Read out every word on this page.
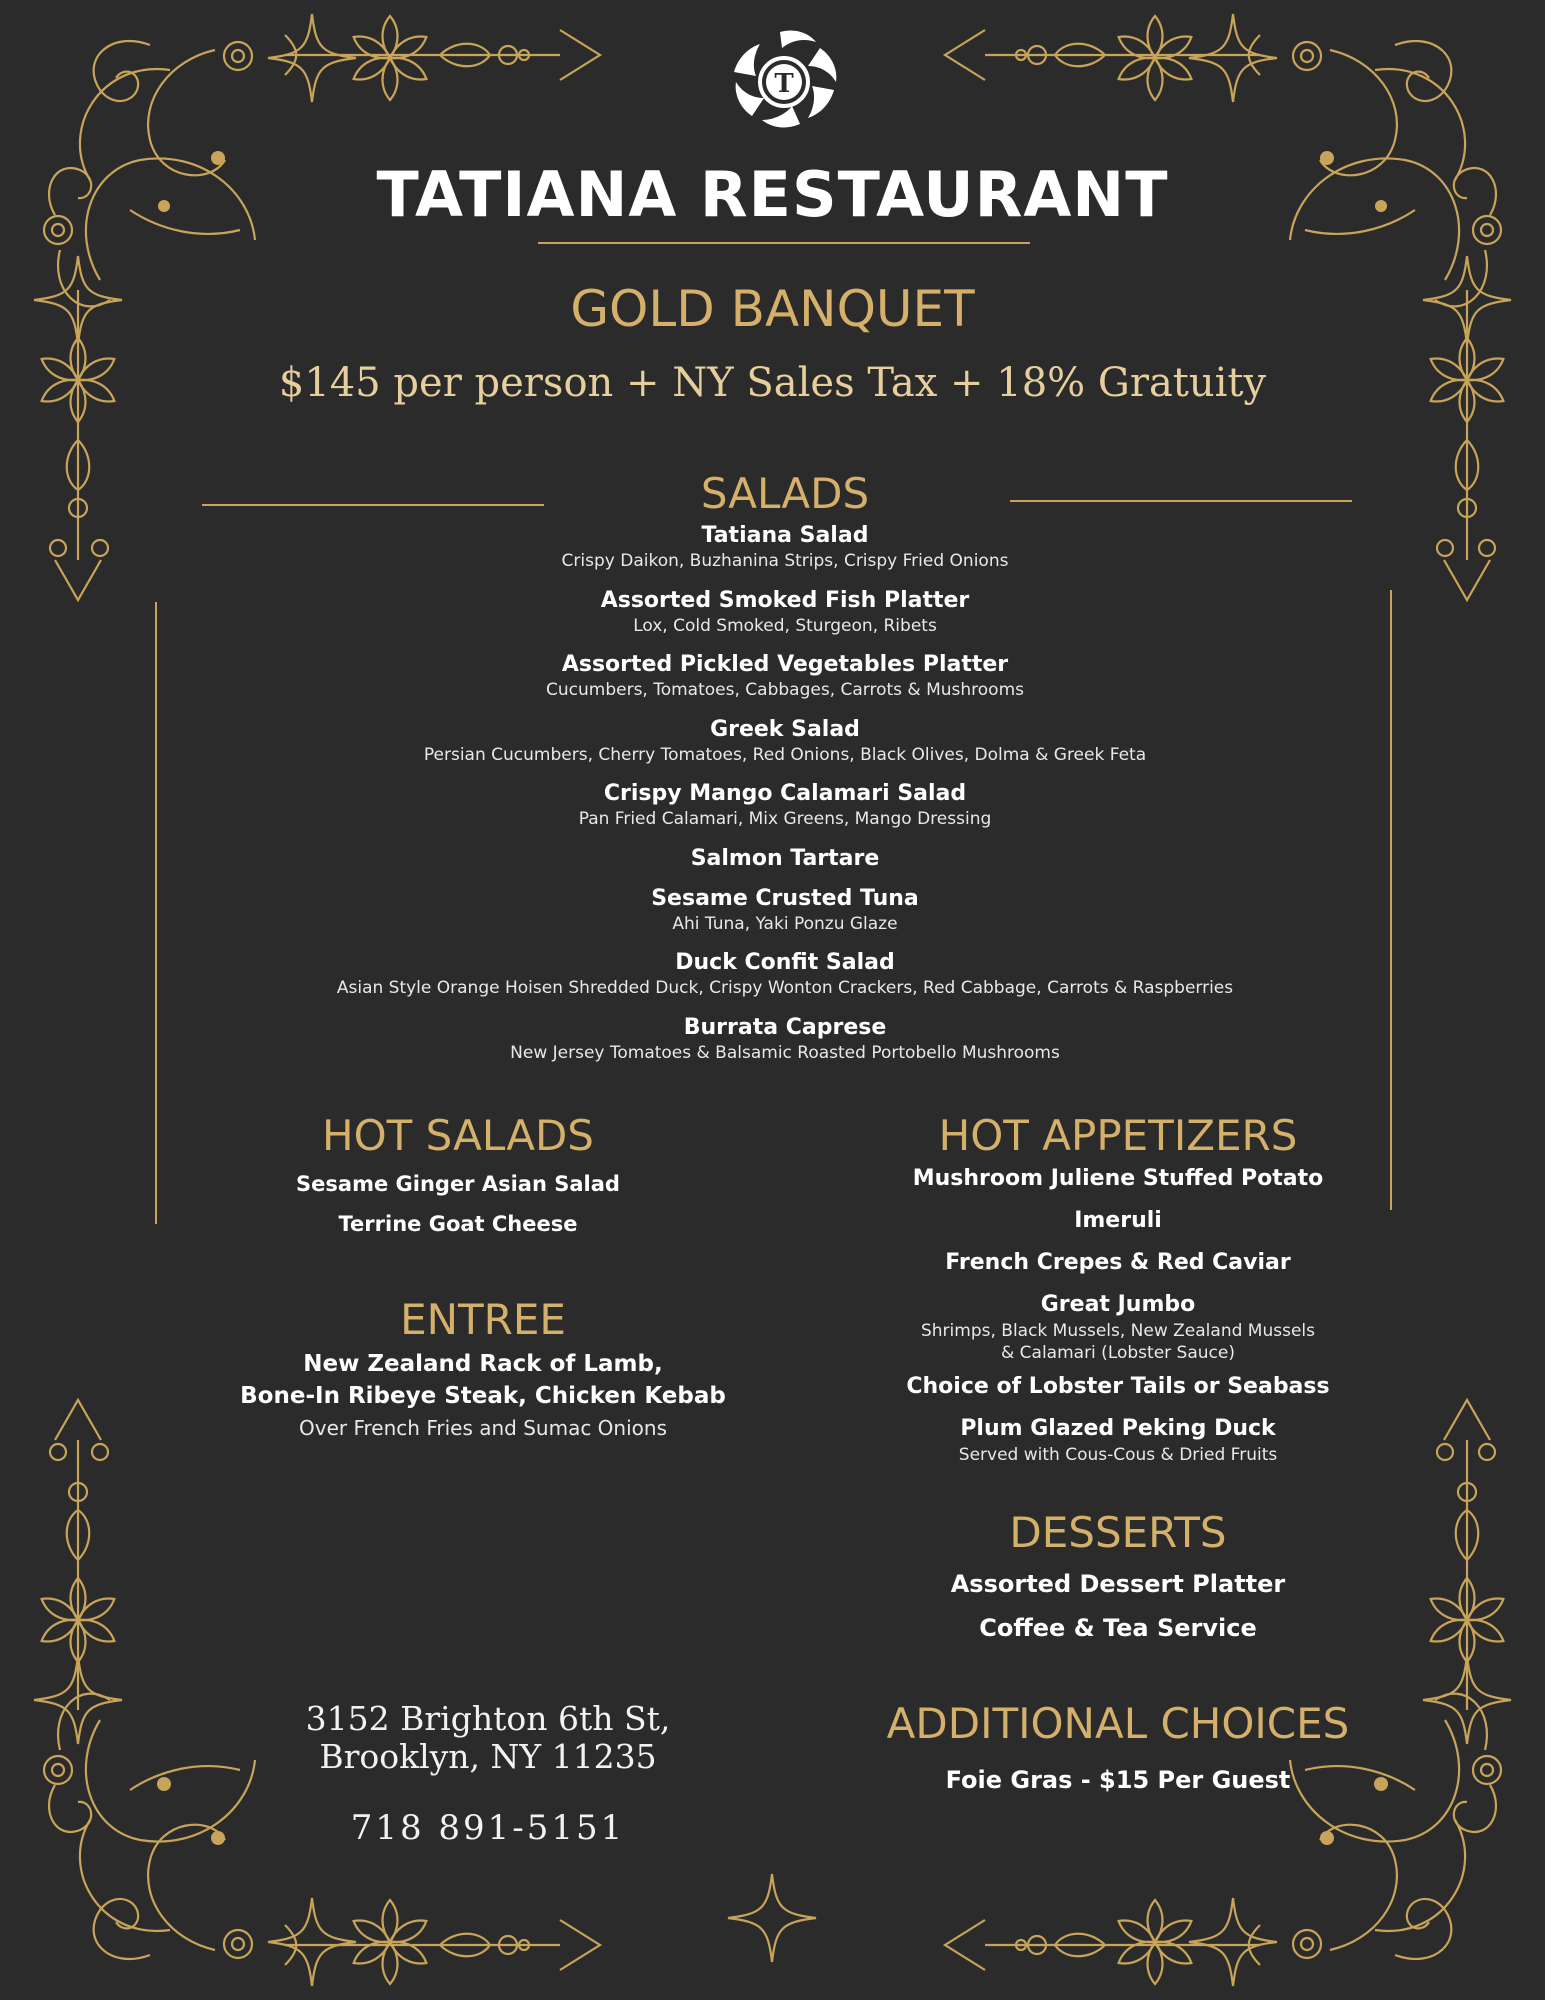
T
TATIANA RESTAURANT
GOLD BANQUET
$145 per person + NY Sales Tax + 18% Gratuity
SALADS
Tatiana Salad
Crispy Daikon, Buzhanina Strips, Crispy Fried Onions
Assorted Smoked Fish Platter
Lox, Cold Smoked, Sturgeon, Ribets
Assorted Pickled Vegetables Platter
Cucumbers, Tomatoes, Cabbages, Carrots & Mushrooms
Greek Salad
Persian Cucumbers, Cherry Tomatoes, Red Onions, Black Olives, Dolma & Greek Feta
Crispy Mango Calamari Salad
Pan Fried Calamari, Mix Greens, Mango Dressing
Salmon Tartare
Sesame Crusted Tuna
Ahi Tuna, Yaki Ponzu Glaze
Duck Confit Salad
Asian Style Orange Hoisen Shredded Duck, Crispy Wonton Crackers, Red Cabbage, Carrots & Raspberries
Burrata Caprese
New Jersey Tomatoes & Balsamic Roasted Portobello Mushrooms
HOT SALADS
Sesame Ginger Asian Salad
Terrine Goat Cheese
ENTREE
New Zealand Rack of Lamb,
Bone-In Ribeye Steak, Chicken Kebab
Over French Fries and Sumac Onions
HOT APPETIZERS
Mushroom Juliene Stuffed Potato
Imeruli
French Crepes & Red Caviar
Great Jumbo
Shrimps, Black Mussels, New Zealand Mussels
& Calamari (Lobster Sauce)
Choice of Lobster Tails or Seabass
Plum Glazed Peking Duck
Served with Cous-Cous & Dried Fruits
DESSERTS
Assorted Dessert Platter
Coffee & Tea Service
ADDITIONAL CHOICES
Foie Gras - $15 Per Guest
3152 Brighton 6th St,
Brooklyn, NY 11235
718 891-5151
